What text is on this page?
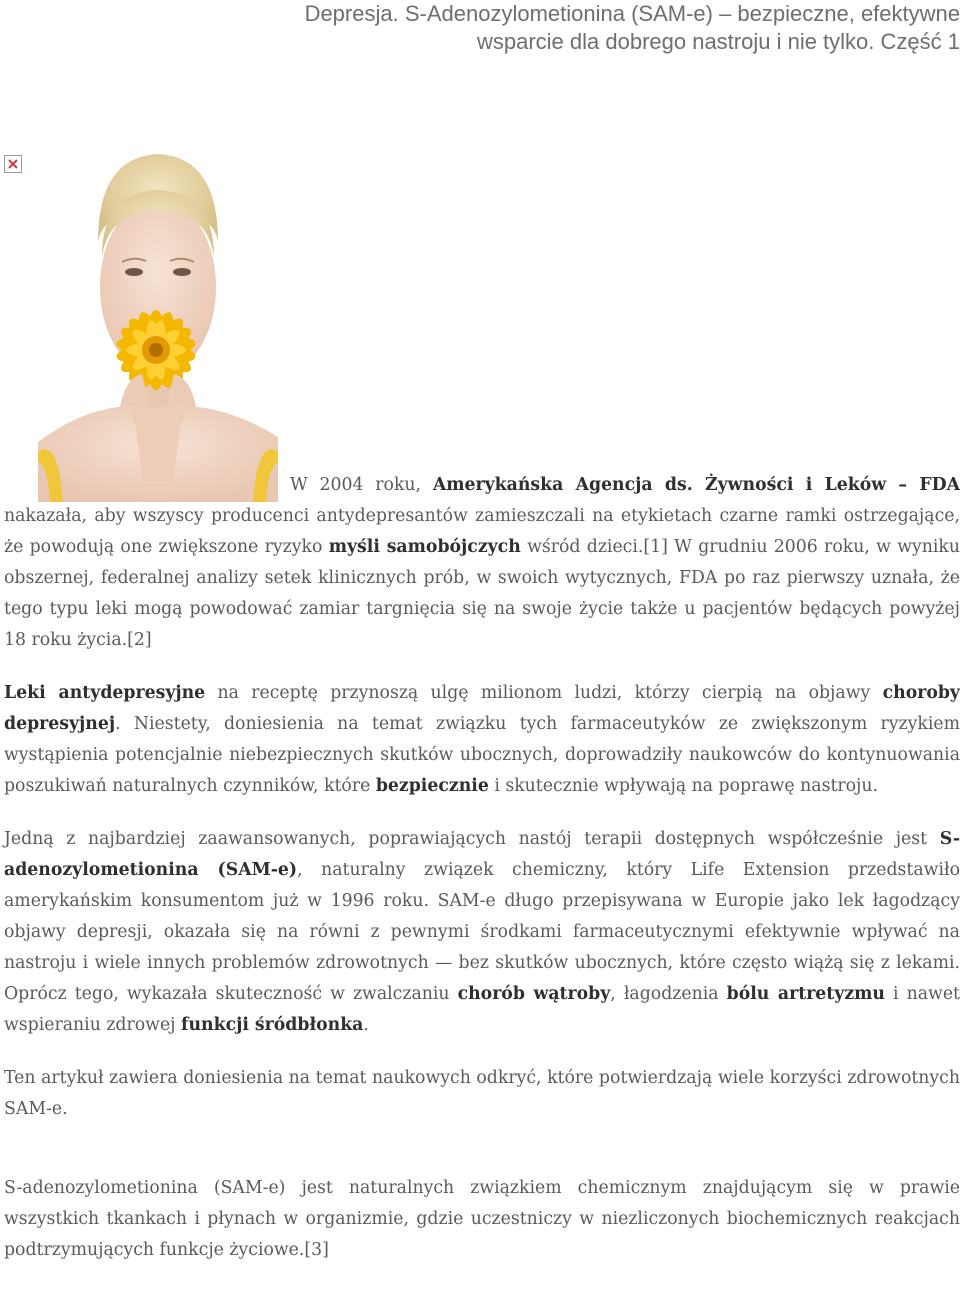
Depresja. S-Adenozylometionina (SAM-e) – bezpieczne, efektywne
wsparcie dla dobrego nastroju i nie tylko. Część 1

W 2004 roku, Amerykańska Agencja ds. Żywności i Leków – FDA nakazała, aby wszyscy producenci antydepresantów zamieszczali na etykietach czarne ramki ostrzegające, że powodują one zwiększone ryzyko myśli samobójczych wśród dzieci.[1] W grudniu 2006 roku, w wyniku obszernej, federalnej analizy setek klinicznych prób, w swoich wytycznych, FDA po raz pierwszy uznała, że tego typu leki mogą powodować zamiar targnięcia się na swoje życie także u pacjentów będących powyżej 18 roku życia.[2]

Leki antydepresyjne na receptę przynoszą ulgę milionom ludzi, którzy cierpią na objawy choroby depresyjnej. Niestety, doniesienia na temat związku tych farmaceutyków ze zwiększonym ryzykiem wystąpienia potencjalnie niebezpiecznych skutków ubocznych, doprowadziły naukowców do kontynuowania poszukiwań naturalnych czynników, które bezpiecznie i skutecznie wpływają na poprawę nastroju.

Jedną z najbardziej zaawansowanych, poprawiających nastój terapii dostępnych współcześnie jest S-adenozylometionina (SAM-e), naturalny związek chemiczny, który Life Extension przedstawiło amerykańskim konsumentom już w 1996 roku. SAM-e długo przepisywana w Europie jako lek łagodzący objawy depresji, okazała się na równi z pewnymi środkami farmaceutycznymi efektywnie wpływać na nastroju i wiele innych problemów zdrowotnych — bez skutków ubocznych, które często wiążą się z lekami. Oprócz tego, wykazała skuteczność w zwalczaniu chorób wątroby, łagodzenia bólu artretyzmu i nawet wspieraniu zdrowej funkcji śródbłonka.

Ten artykuł zawiera doniesienia na temat naukowych odkryć, które potwierdzają wiele korzyści zdrowotnych SAM-e.

S-adenozylometionina (SAM-e) jest naturalnych związkiem chemicznym znajdującym się w prawie wszystkich tkankach i płynach w organizmie, gdzie uczestniczy w niezliczonych biochemicznych reakcjach podtrzymujących funkcje życiowe.[3]
